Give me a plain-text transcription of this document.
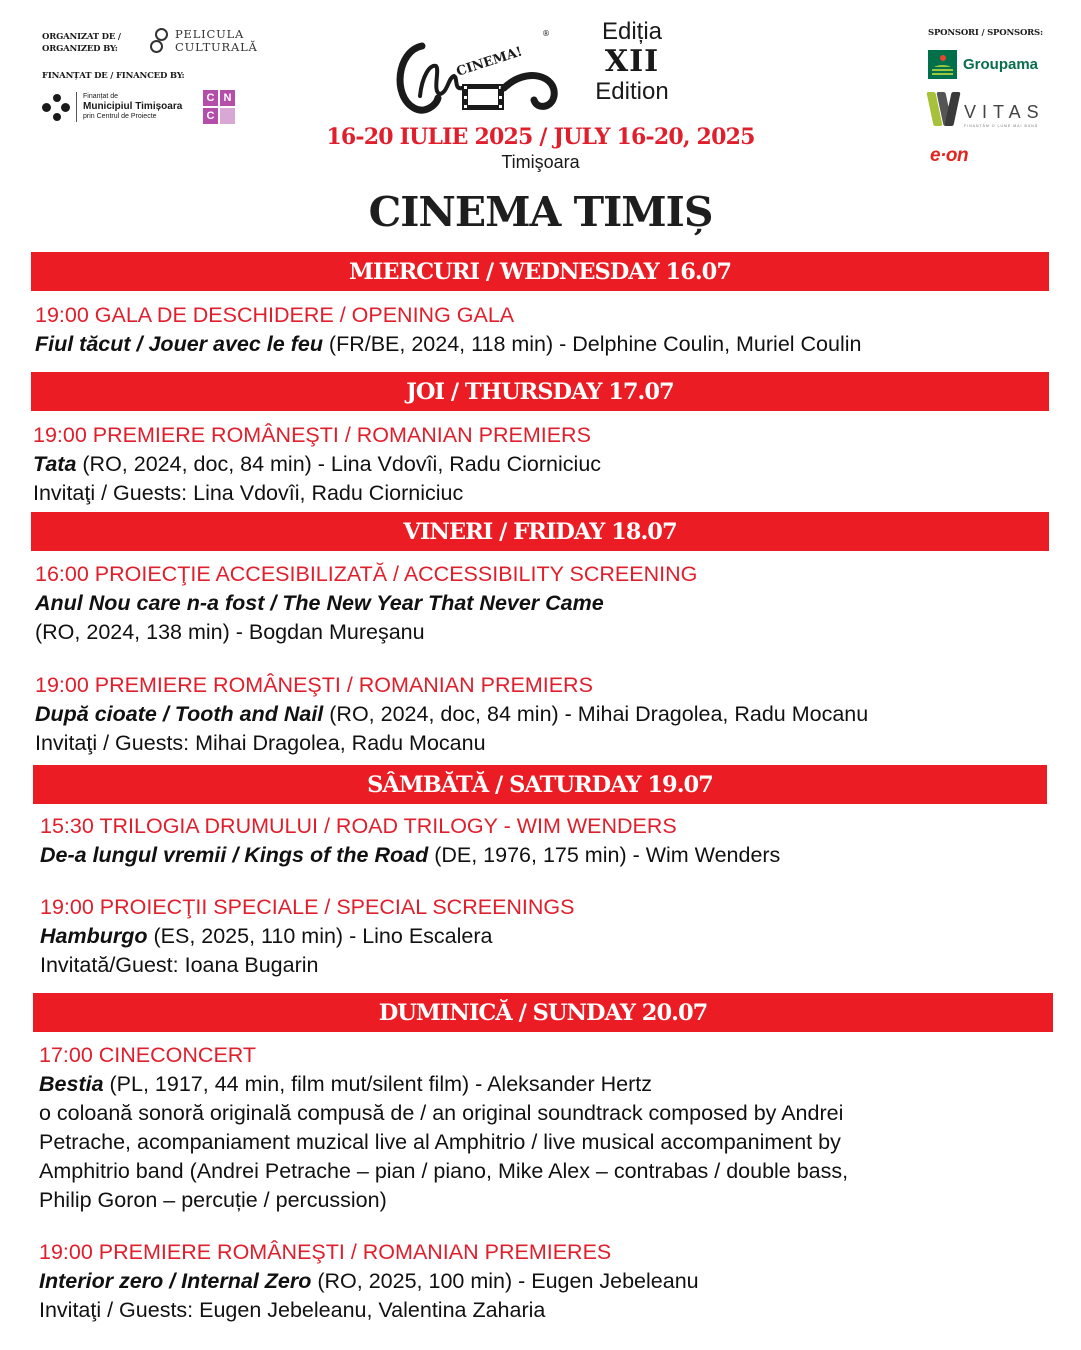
ORGANIZAT DE /
ORGANIZED BY:
PELICULA
CULTURALĂ
FINANȚAT DE / FINANCED BY:
Finanțat de
Municipiul Timișoara
prin Centrul de Proiecte
C N
C
CINEMA!
®	Ediția
XII
Edition
16-20 IULIE 2025 / JULY 16-20, 2025
Timişoara
SPONSORI / SPONSORS:
Groupama
VITAS
FINANȚĂM O LUME MAI BUNĂ
e·on
CINEMA TIMIȘ
MIERCURI / WEDNESDAY 16.07
19:00 GALA DE DESCHIDERE / OPENING GALA
Fiul tăcut / Jouer avec le feu (FR/BE, 2024, 118 min) - Delphine Coulin, Muriel Coulin
JOI / THURSDAY 17.07
19:00 PREMIERE ROMÂNEŞTI / ROMANIAN PREMIERS
Tata (RO, 2024, doc, 84 min) - Lina Vdovîi, Radu Ciorniciuc
Invitaţi / Guests: Lina Vdovîi, Radu Ciorniciuc
VINERI / FRIDAY 18.07
16:00 PROIECŢIE ACCESIBILIZATĂ / ACCESSIBILITY SCREENING
Anul Nou care n-a fost / The New Year That Never Came
(RO, 2024, 138 min) - Bogdan Mureşanu
19:00 PREMIERE ROMÂNEŞTI / ROMANIAN PREMIERS
După cioate / Tooth and Nail (RO, 2024, doc, 84 min) - Mihai Dragolea, Radu Mocanu
Invitaţi / Guests: Mihai Dragolea, Radu Mocanu
SÂMBĂTĂ / SATURDAY 19.07
15:30 TRILOGIA DRUMULUI / ROAD TRILOGY - WIM WENDERS
De-a lungul vremii / Kings of the Road (DE, 1976, 175 min) - Wim Wenders
19:00 PROIECŢII SPECIALE / SPECIAL SCREENINGS
Hamburgo (ES, 2025, 110 min) - Lino Escalera
Invitată/Guest: Ioana Bugarin
DUMINICĂ / SUNDAY 20.07
17:00 CINECONCERT
Bestia (PL, 1917, 44 min, film mut/silent film) - Aleksander Hertz
o coloană sonoră originală compusă de / an original soundtrack composed by Andrei
Petrache, acompaniament muzical live al Amphitrio / live musical accompaniment by
Amphitrio band (Andrei Petrache – pian / piano, Mike Alex – contrabas / double bass,
Philip Goron – percuție / percussion)
19:00 PREMIERE ROMÂNEŞTI / ROMANIAN PREMIERES
Interior zero / Internal Zero (RO, 2025, 100 min) - Eugen Jebeleanu
Invitaţi / Guests: Eugen Jebeleanu, Valentina Zaharia
